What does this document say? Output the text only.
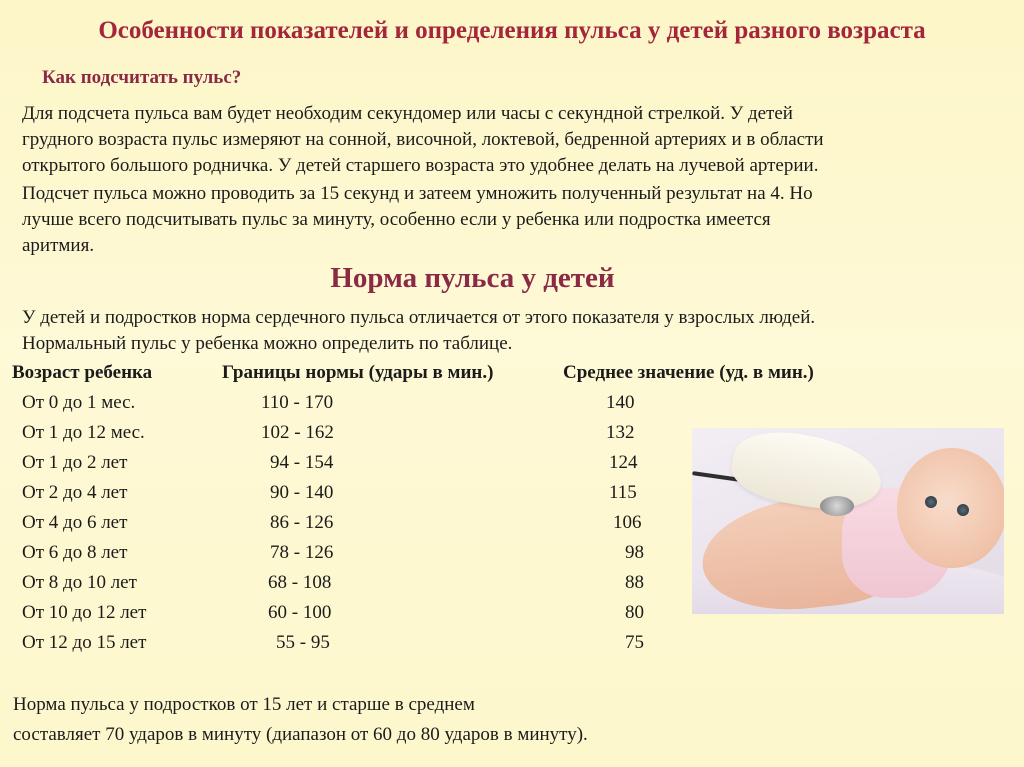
Особенности показателей и определения пульса у детей разного возраста
Как подсчитать пульс?

Для подсчета пульса вам будет необходим секундомер или часы с секундной стрелкой. У детей
грудного возраста пульс измеряют на сонной, височной, локтевой, бедренной артериях и в области
открытого большого родничка. У детей старшего возраста это удобнее делать на лучевой артерии.

Подсчет пульса можно проводить за 15 секунд и затеем умножить полученный результат на 4. Но
лучше всего подсчитывать пульс за минуту, особенно если у ребенка или подростка имеется
аритмия.

Норма пульса у детей

У детей и подростков норма сердечного пульса отличается от этого показателя у взрослых людей.
Нормальный пульс у ребенка можно определить по таблице.

Возраст ребенка	Границы нормы (удары в мин.)	Среднее значение (уд. в мин.)
От 0 до 1 мес.	110 - 170	140
От 1 до 12 мес.	102 - 162	132
От 1 до 2 лет	94 - 154	124
От 2 до 4 лет	90 - 140	115
От 4 до 6 лет	86 - 126	106
От 6 до 8 лет	78 - 126	98
От 8 до 10 лет	68 - 108	88
От 10 до 12 лет	60 - 100	80
От 12 до 15 лет	55 - 95	75
Норма пульса у подростков от 15 лет и старше в среднем
составляет 70 ударов в минуту (диапазон от 60 до 80 ударов в минуту).
